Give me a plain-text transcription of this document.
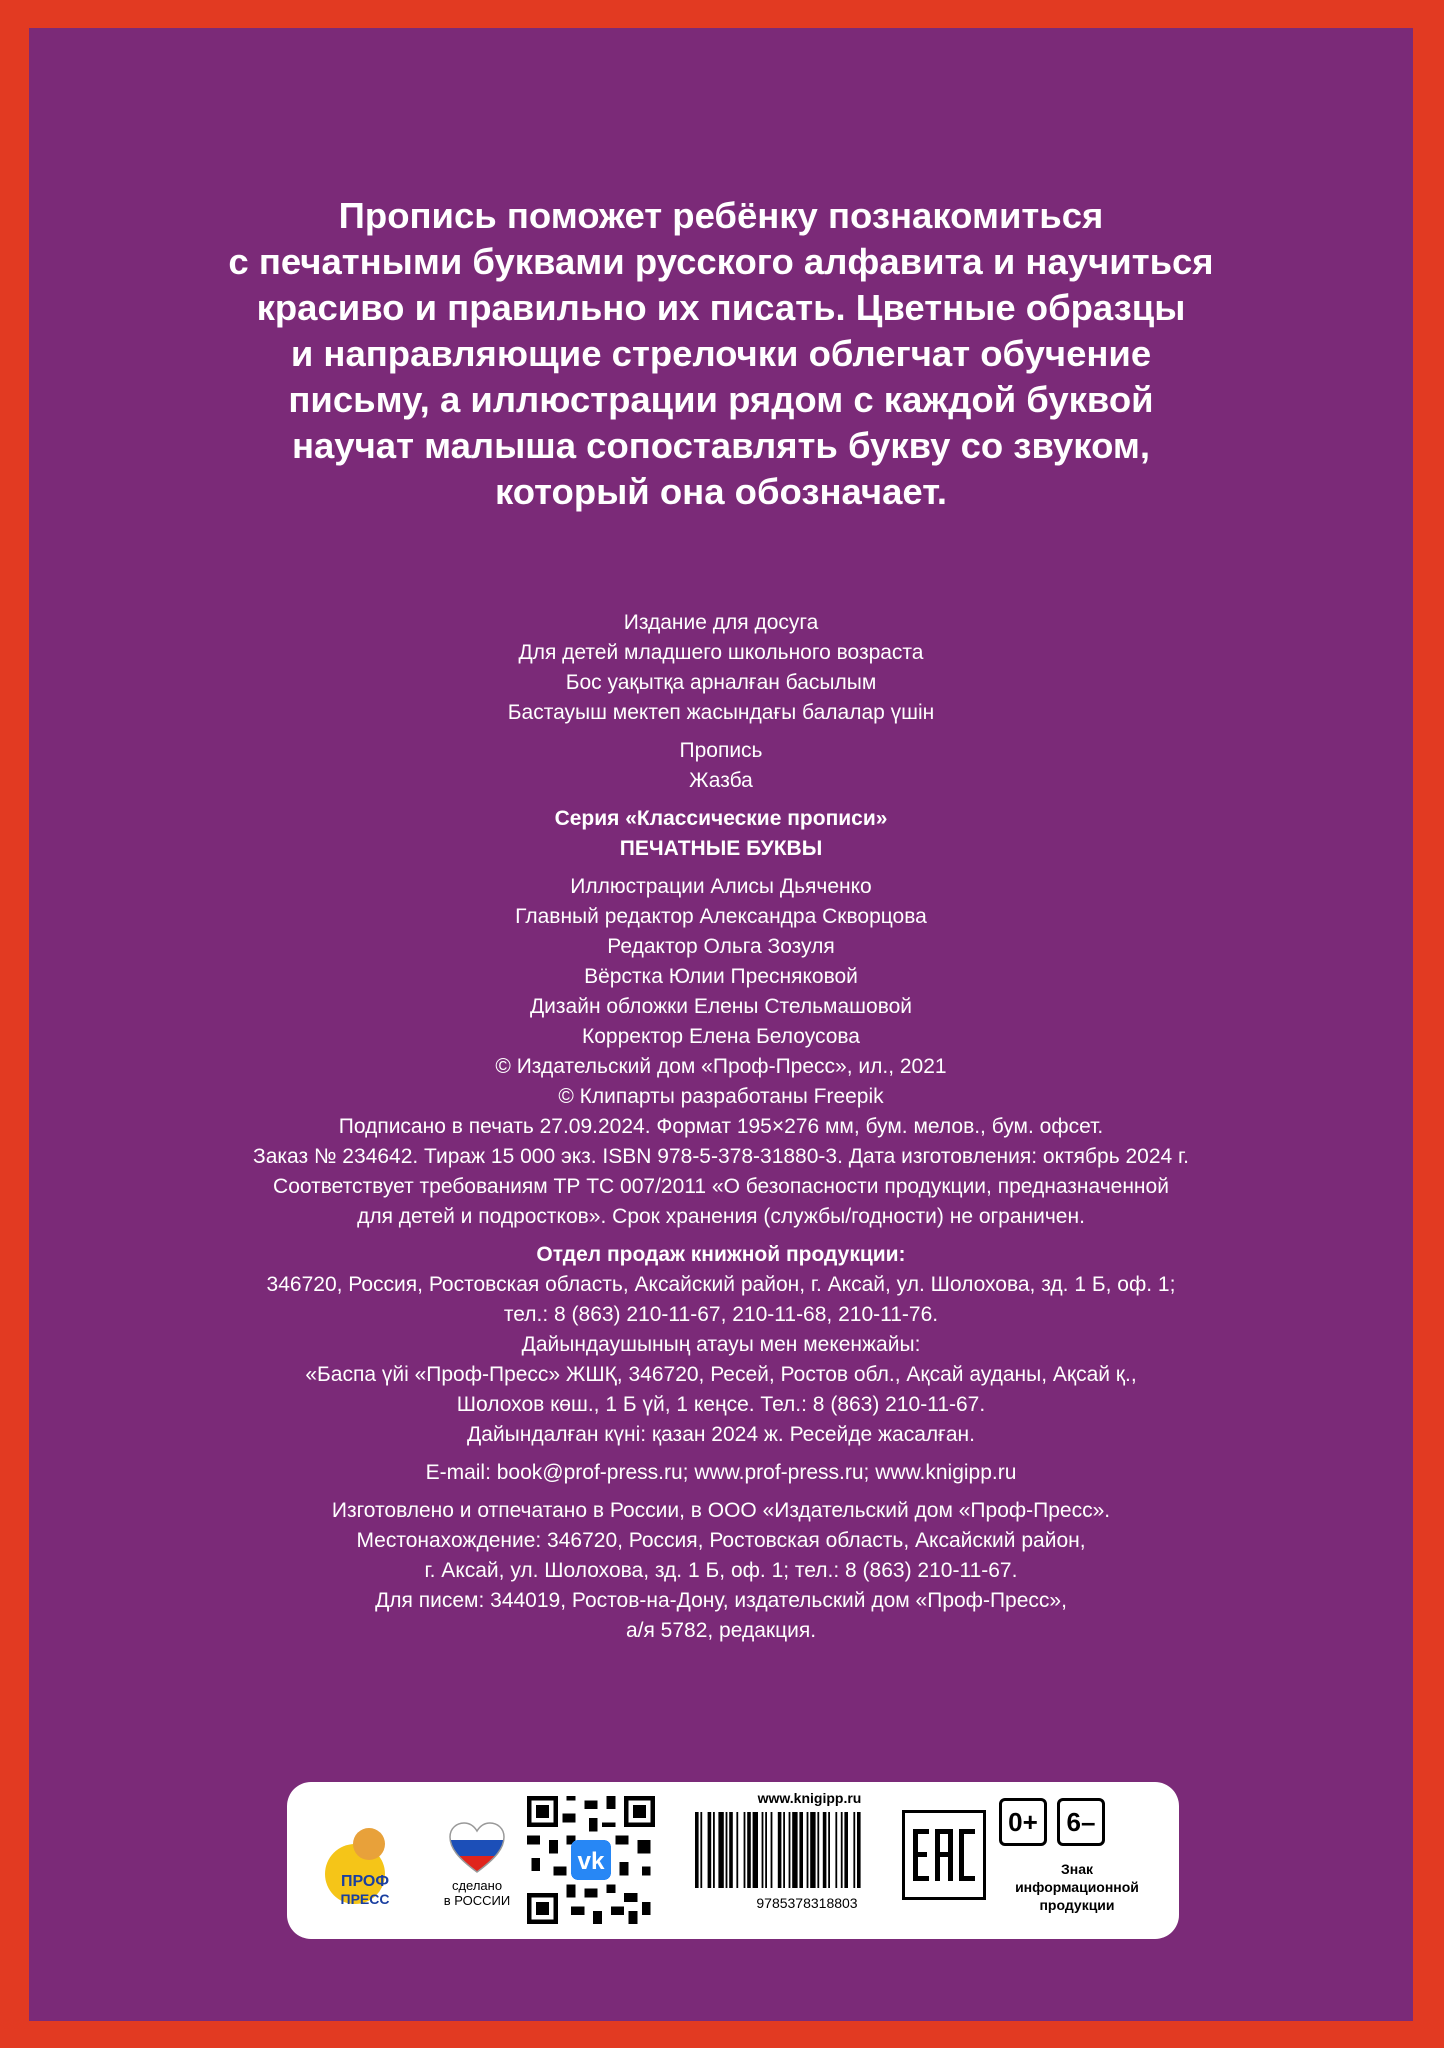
Пропись поможет ребёнку познакомиться
с печатными буквами русского алфавита и научиться
красиво и правильно их писать. Цветные образцы
и направляющие стрелочки облегчат обучение
письму, а иллюстрации рядом с каждой буквой
научат малыша сопоставлять букву со звуком,
который она обозначает.
Издание для досуга
Для детей младшего школьного возраста
Бос уақытқа арналған басылым
Бастауыш мектеп жасындағы балалар үшін
Пропись
Жазба
Серия «Классические прописи»
ПЕЧАТНЫЕ БУКВЫ
Иллюстрации Алисы Дьяченко
Главный редактор Александра Скворцова
Редактор Ольга Зозуля
Вёрстка Юлии Пресняковой
Дизайн обложки Елены Стельмашовой
Корректор Елена Белоусова
© Издательский дом «Проф-Пресс», ил., 2021
© Клипарты разработаны Freepik
Подписано в печать 27.09.2024. Формат 195×276 мм, бум. мелов., бум. офсет.
Заказ № 234642. Тираж 15 000 экз. ISBN 978-5-378-31880-3. Дата изготовления: октябрь 2024 г.
Соответствует требованиям ТР ТС 007/2011 «О безопасности продукции, предназначенной
для детей и подростков». Срок хранения (службы/годности) не ограничен.
Отдел продаж книжной продукции:
346720, Россия, Ростовская область, Аксайский район, г. Аксай, ул. Шолохова, зд. 1 Б, оф. 1;
тел.: 8 (863) 210-11-67, 210-11-68, 210-11-76.
Дайындаушының атауы мен мекенжайы:
«Баспа үйі «Проф-Пресс» ЖШҚ, 346720, Ресей, Ростов обл., Ақсай ауданы, Ақсай қ.,
Шолохов көш., 1 Б үй, 1 кеңсе. Тел.: 8 (863) 210-11-67.
Дайындалған күні: қазан 2024 ж. Ресейде жасалған.
E-mail: book@prof-press.ru; www.prof-press.ru; www.knigipp.ru
Изготовлено и отпечатано в России, в ООО «Издательский дом «Проф-Пресс».
Местонахождение: 346720, Россия, Ростовская область, Аксайский район,
г. Аксай, ул. Шолохова, зд. 1 Б, оф. 1; тел.: 8 (863) 210-11-67.
Для писем: 344019, Ростов-на-Дону, издательский дом «Проф-Пресс»,
а/я 5782, редакция.
ПРОФ
ПРЕСС
сделано
в РОССИИ
vk
www.knigipp.ru
9785378318803
0+	6–
Знак
информационной
продукции
